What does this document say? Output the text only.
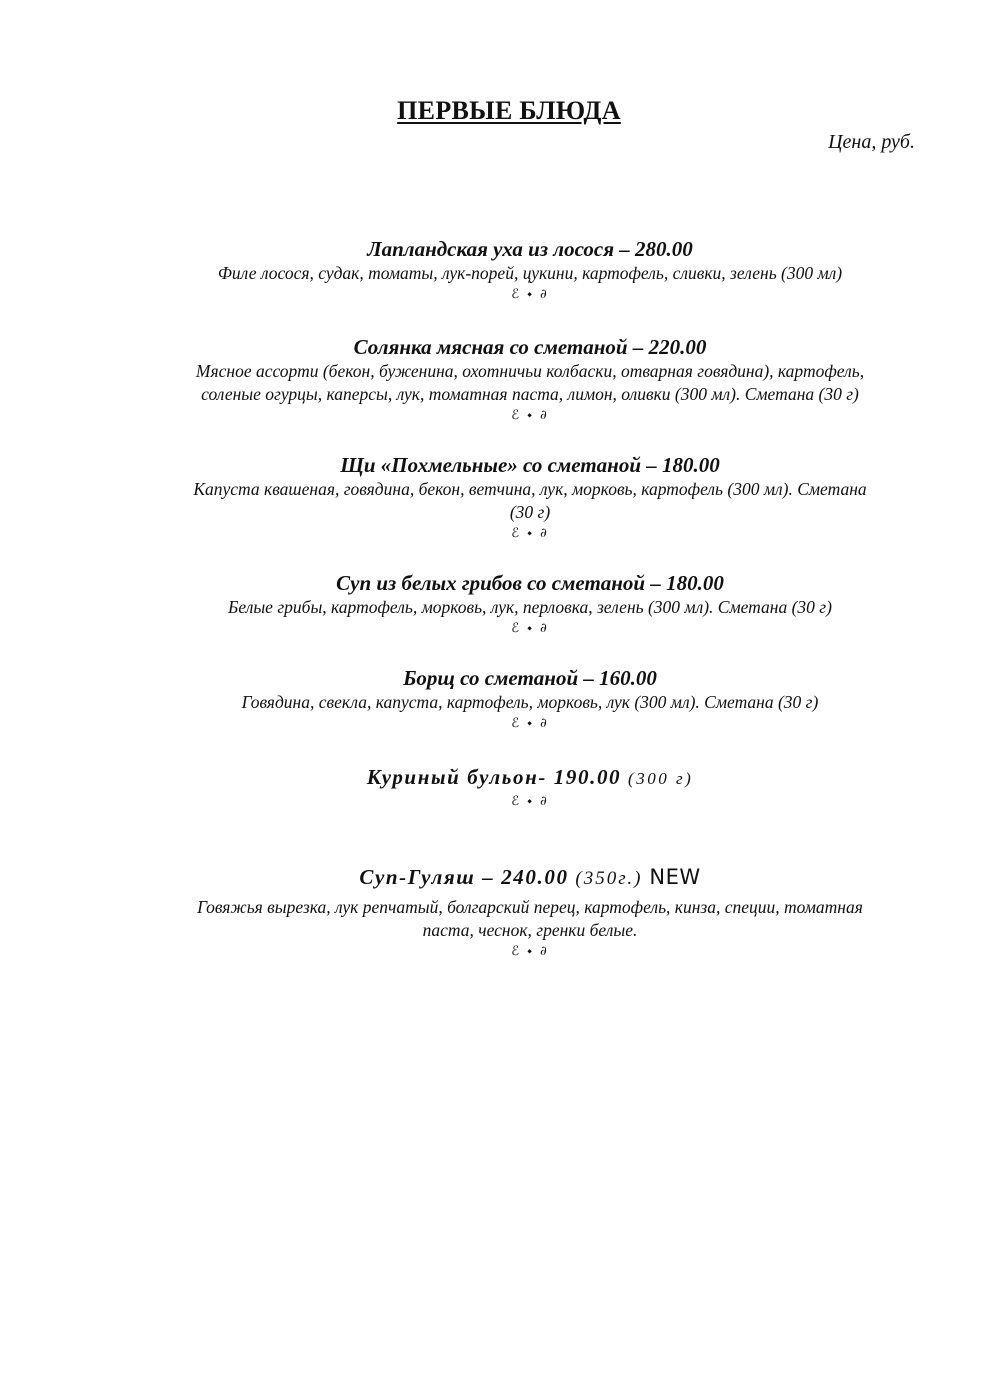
ПЕРВЫЕ БЛЮДА
Цена, руб.

Лапландская уха из лосося – 280.00

Филе лосося, судак, томаты, лук-порей, цукини, картофель, сливки, зелень (300 мл)

ℰ ⬩ ∂

Солянка мясная со сметаной – 220.00

Мясное ассорти (бекон, буженина, охотничьи колбаски, отварная говядина), картофель,

соленые огурцы, каперсы, лук, томатная паста, лимон, оливки (300 мл). Сметана (30 г)

ℰ ⬩ ∂

Щи «Похмельные» со сметаной – 180.00

Капуста квашеная, говядина, бекон, ветчина, лук, морковь, картофель (300 мл). Сметана

(30 г)

ℰ ⬩ ∂

Суп из белых грибов со сметаной – 180.00

Белые грибы, картофель, морковь, лук, перловка, зелень (300 мл). Сметана (30 г)

ℰ ⬩ ∂

Борщ со сметаной – 160.00

Говядина, свекла, капуста, картофель, морковь, лук (300 мл). Сметана (30 г)

ℰ ⬩ ∂

Куриный бульон- 190.00 (300 г)

ℰ ⬩ ∂

Суп-Гуляш – 240.00 (350г.) NEW

Говяжья вырезка, лук репчатый, болгарский перец, картофель, кинза, специи, томатная

паста, чеснок, гренки белые.

ℰ ⬩ ∂
